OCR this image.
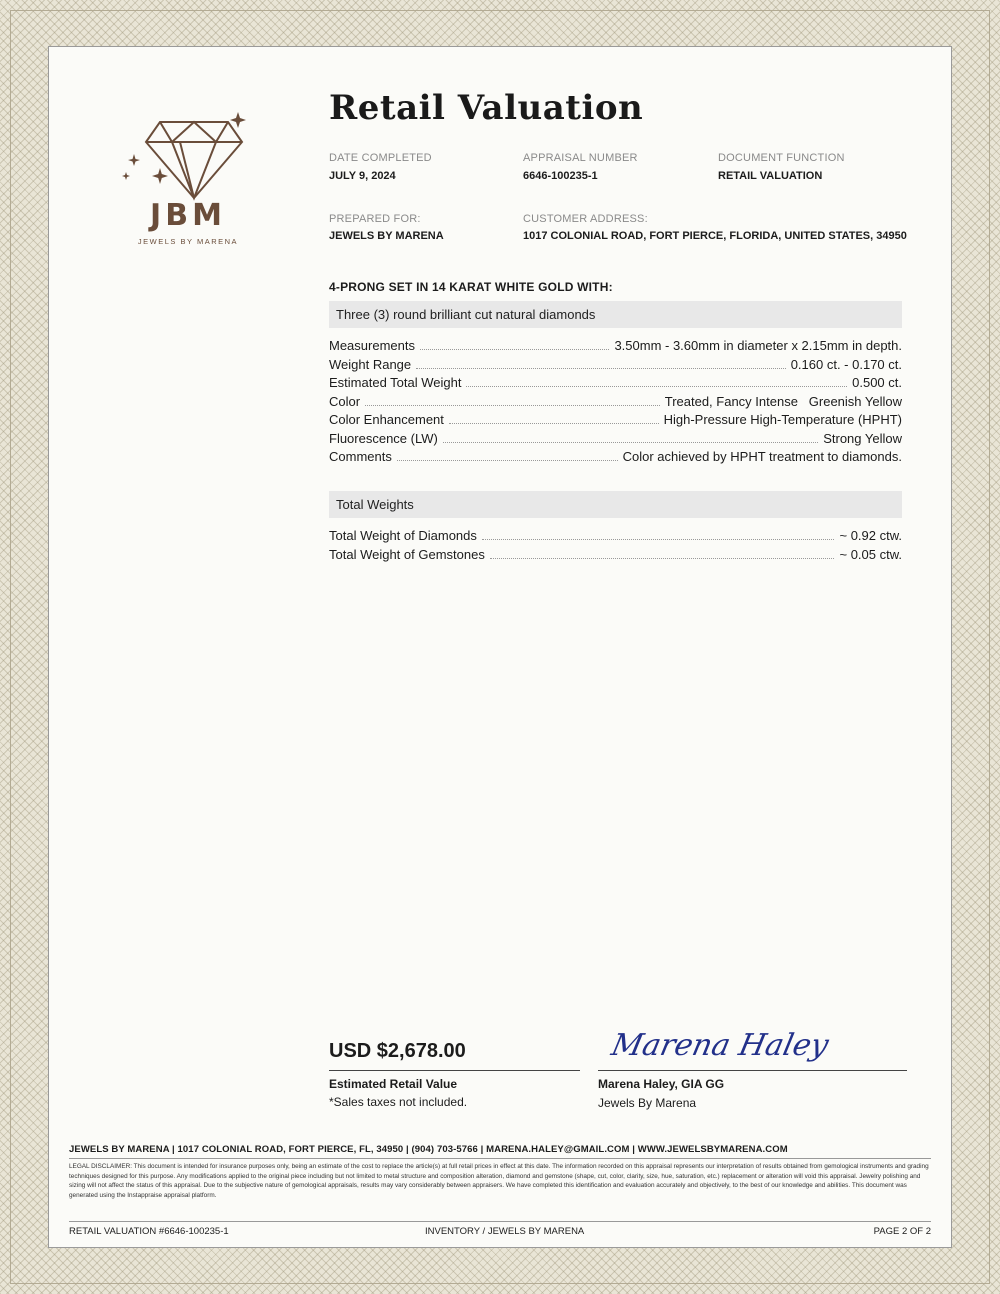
JBM
JEWELS BY MARENA
Retail Valuation
DATE COMPLETED
JULY 9, 2024
APPRAISAL NUMBER
6646-100235-1
DOCUMENT FUNCTION
RETAIL VALUATION
PREPARED FOR:
JEWELS BY MARENA
CUSTOMER ADDRESS:
1017 COLONIAL ROAD, FORT PIERCE, FLORIDA, UNITED STATES, 34950
4-PRONG SET IN 14 KARAT WHITE GOLD WITH:
Three (3) round brilliant cut natural diamonds
Measurements	3.50mm - 3.60mm in diameter x 2.15mm in depth.
Weight Range	0.160 ct. - 0.170 ct.
Estimated Total Weight	0.500 ct.
Color	Treated, Fancy Intense   Greenish Yellow
Color Enhancement	High-Pressure High-Temperature (HPHT)
Fluorescence (LW)	Strong Yellow
Comments	Color achieved by HPHT treatment to diamonds.
Total Weights
Total Weight of Diamonds	~ 0.92 ctw.
Total Weight of Gemstones	~ 0.05 ctw.
USD $2,678.00
Estimated Retail Value
*Sales taxes not included.
Marena Haley
Marena Haley, GIA GG
Jewels By Marena
JEWELS BY MARENA | 1017 COLONIAL ROAD, FORT PIERCE, FL, 34950 | (904) 703-5766 | MARENA.HALEY@GMAIL.COM | WWW.JEWELSBYMARENA.COM
LEGAL DISCLAIMER: This document is intended for insurance purposes only, being an estimate of the cost to replace the article(s) at full retail prices in effect at this date. The information recorded on this appraisal represents our interpretation of results obtained from gemological instruments and grading techniques designed for this purpose. Any modifications applied to the original piece including but not limited to metal structure and composition alteration, diamond and gemstone (shape, cut, color, clarity, size, hue, saturation, etc.) replacement or alteration will void this appraisal. Jewelry polishing and sizing will not affect the status of this appraisal. Due to the subjective nature of gemological appraisals, results may vary considerably between appraisers. We have completed this identification and evaluation accurately and objectively, to the best of our knowledge and abilities. This document was generated using the Instappraise appraisal platform.
RETAIL VALUATION #6646-100235-1	INVENTORY / JEWELS BY MARENA	PAGE 2 OF 2
